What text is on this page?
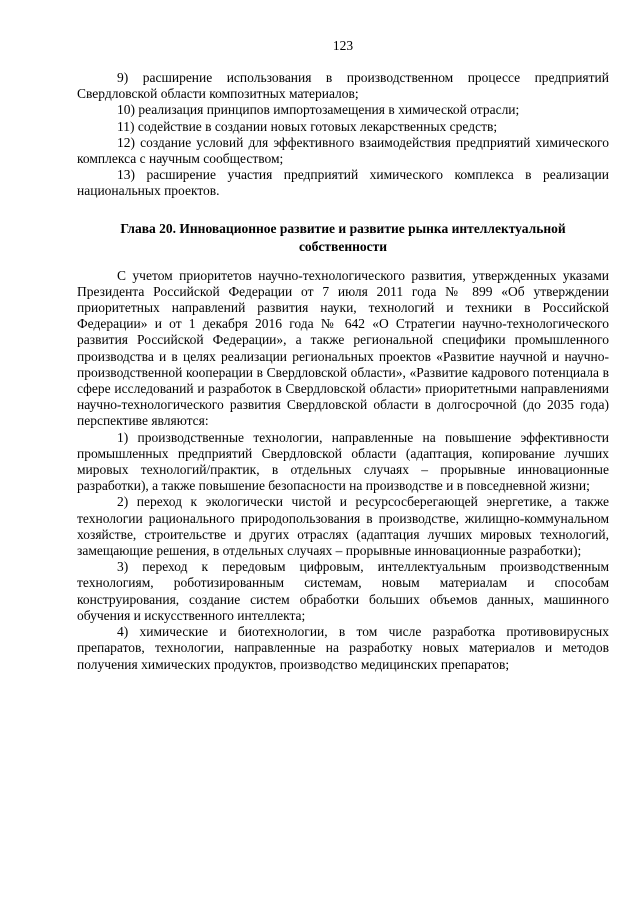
123

9) расширение использования в производственном процессе предприятий Свердловской области композитных материалов;

10) реализация принципов импортозамещения в химической отрасли;

11) содействие в создании новых готовых лекарственных средств;

12) создание условий для эффективного взаимодействия предприятий химического комплекса с научным сообществом;

13) расширение участия предприятий химического комплекса в реализации национальных проектов.

Глава 20. Инновационное развитие и развитие рынка интеллектуальной собственности

С учетом приоритетов научно-технологического развития, утвержденных указами Президента Российской Федерации от 7 июля 2011 года № 899 «Об утверждении приоритетных направлений развития науки, технологий и техники в Российской Федерации» и от 1 декабря 2016 года № 642 «О Стратегии научно-технологического развития Российской Федерации», а также региональной специфики промышленного производства и в целях реализации региональных проектов «Развитие научной и научно-производственной кооперации в Свердловской области», «Развитие кадрового потенциала в сфере исследований и разработок в Свердловской области» приоритетными направлениями научно-технологического развития Свердловской области в долгосрочной (до 2035 года) перспективе являются:

1) производственные технологии, направленные на повышение эффективности промышленных предприятий Свердловской области (адаптация, копирование лучших мировых технологий/практик, в отдельных случаях – прорывные инновационные разработки), а также повышение безопасности на производстве и в повседневной жизни;

2) переход к экологически чистой и ресурсосберегающей энергетике, а также технологии рационального природопользования в производстве, жилищно-коммунальном хозяйстве, строительстве и других отраслях (адаптация лучших мировых технологий, замещающие решения, в отдельных случаях – прорывные инновационные разработки);

3) переход к передовым цифровым, интеллектуальным производственным технологиям, роботизированным системам, новым материалам и способам конструирования, создание систем обработки больших объемов данных, машинного обучения и искусственного интеллекта;

4) химические и биотехнологии, в том числе разработка противовирусных препаратов, технологии, направленные на разработку новых материалов и методов получения химических продуктов, производство медицинских препаратов;
